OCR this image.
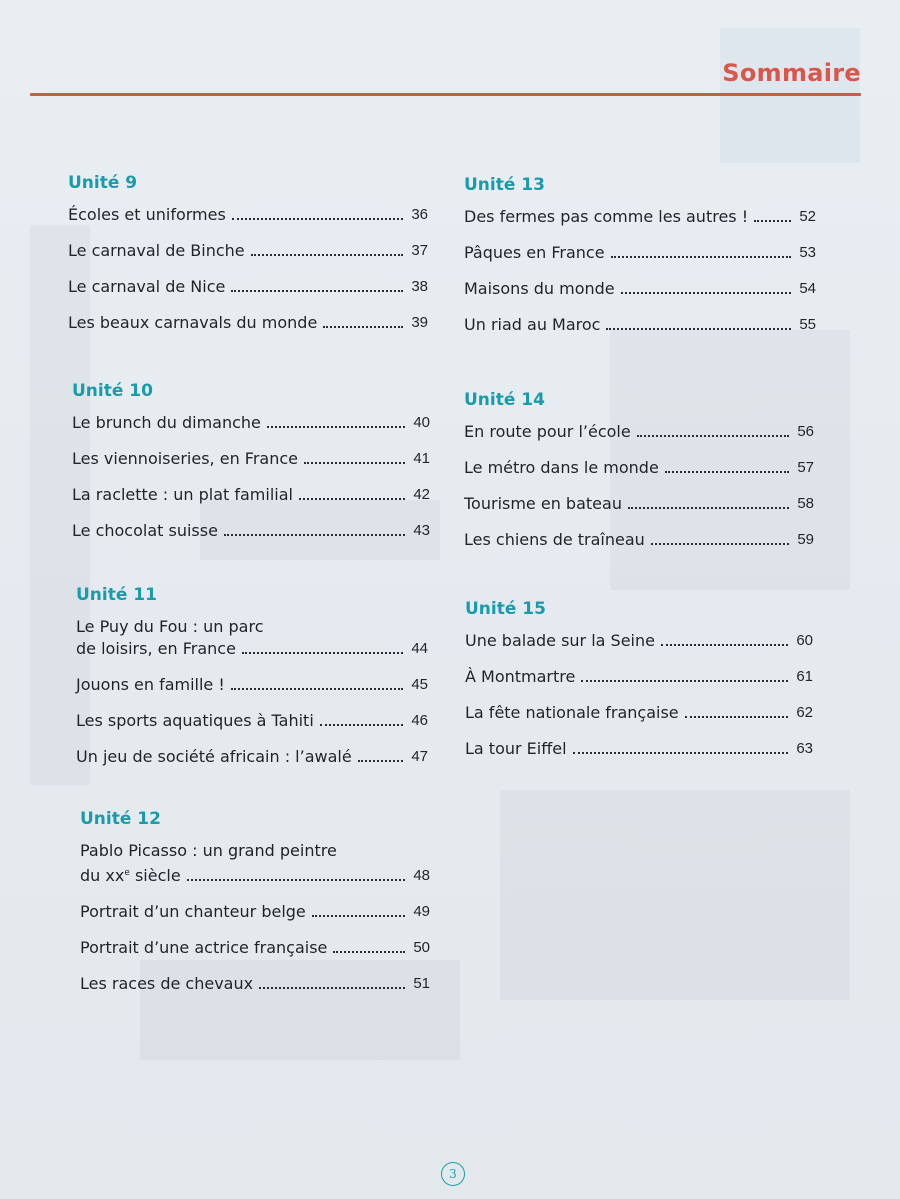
Sommaire
Unité 9
Écoles et uniformes	36
Le carnaval de Binche	37
Le carnaval de Nice	38
Les beaux carnavals du monde	39
Unité 10
Le brunch du dimanche	40
Les viennoiseries, en France	41
La raclette : un plat familial	42
Le chocolat suisse	43
Unité 11
Le Puy du Fou : un parc
de loisirs, en France	44
Jouons en famille !	45
Les sports aquatiques à Tahiti	46
Un jeu de société africain : l’awalé	47
Unité 12
Pablo Picasso : un grand peintre
du $xx^e$ siècle	48
Portrait d’un chanteur belge	49
Portrait d’une actrice française	50
Les races de chevaux	51
Unité 13
Des fermes pas comme les autres !	52
Pâques en France	53
Maisons du monde	54
Un riad au Maroc	55
Unité 14
En route pour l’école	56
Le métro dans le monde	57
Tourisme en bateau	58
Les chiens de traîneau	59
Unité 15
Une balade sur la Seine	60
À Montmartre	61
La fête nationale française	62
La tour Eiffel	63
3
